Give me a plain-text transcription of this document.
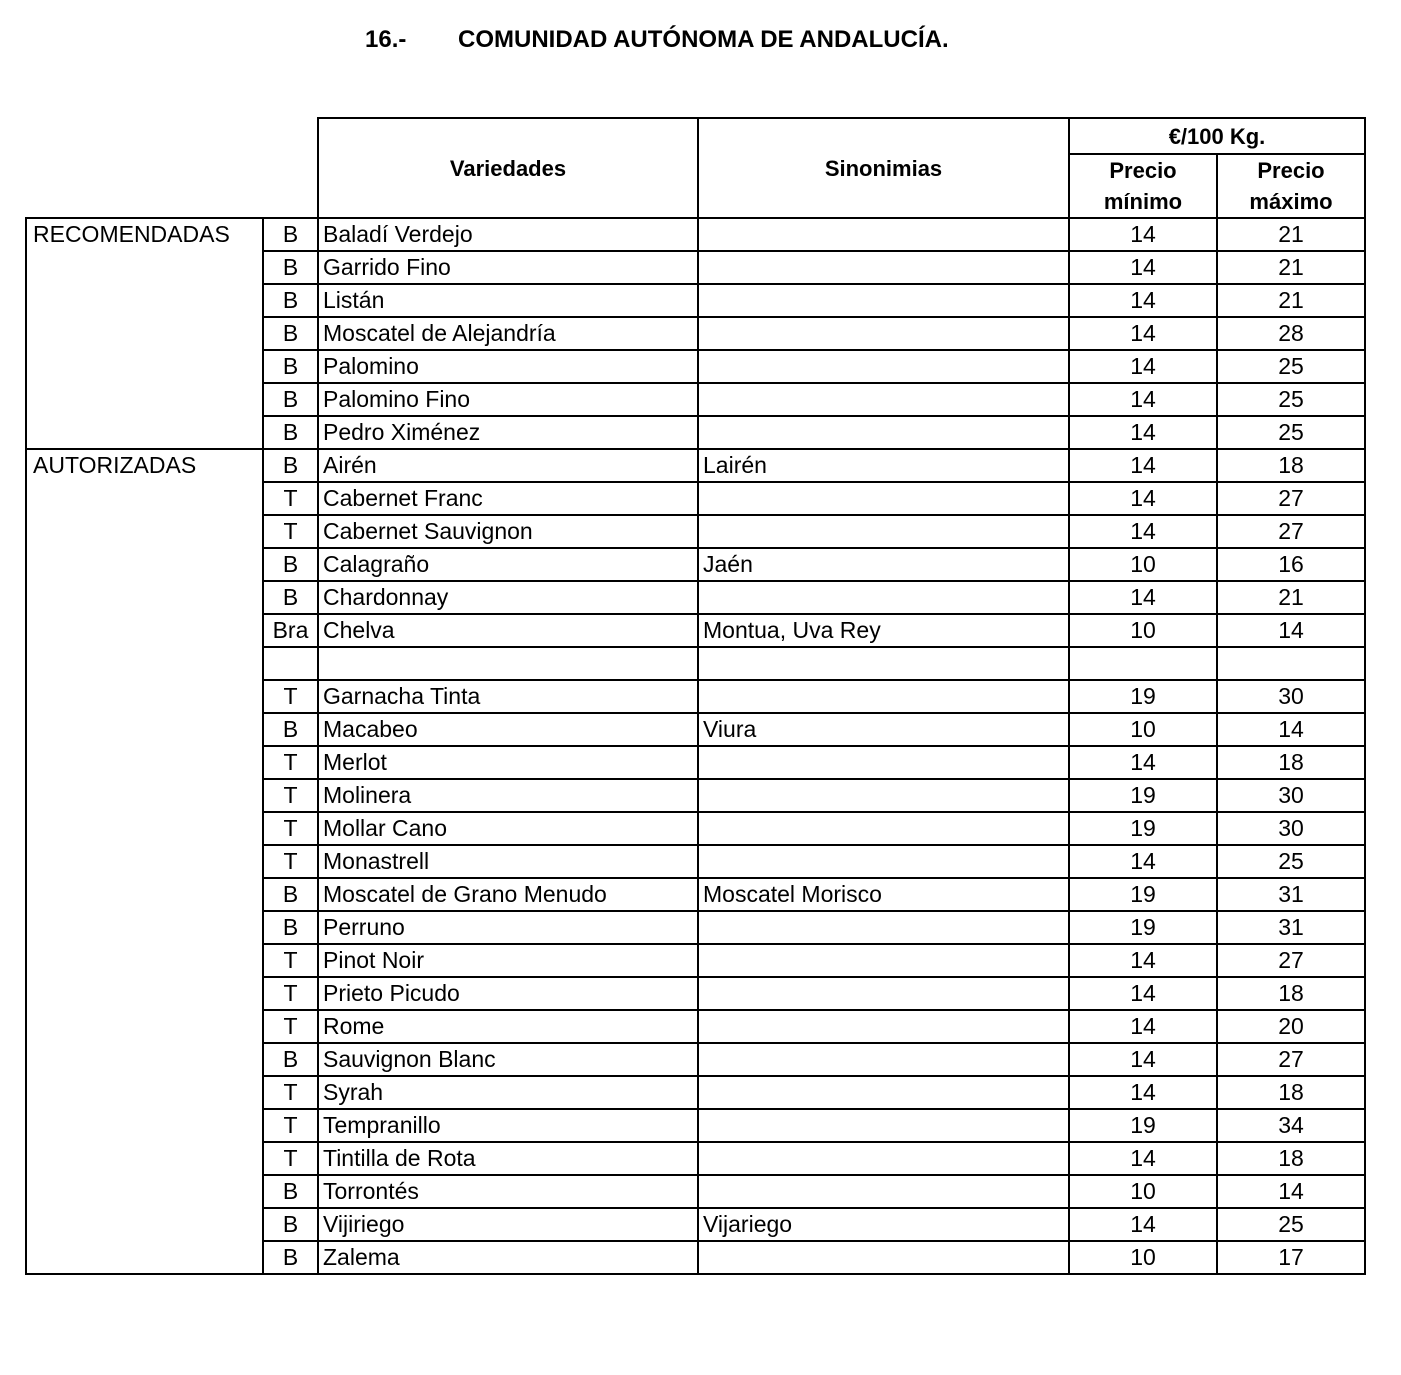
16.- COMUNIDAD AUTÓNOMA DE ANDALUCÍA.
		Variedades	Sinonimias	€/100 Kg.	
				Precio mínimo	Precio máximo
RECOMENDADAS	B	Baladí Verdejo		14	21
	B	Garrido Fino		14	21
	B	Listán		14	21
	B	Moscatel de Alejandría		14	28
	B	Palomino		14	25
	B	Palomino Fino		14	25
	B	Pedro Ximénez		14	25
AUTORIZADAS	B	Airén	Lairén	14	18
	T	Cabernet Franc		14	27
	T	Cabernet Sauvignon		14	27
	B	Calagraño	Jaén	10	16
	B	Chardonnay		14	21
	Bra	Chelva	Montua, Uva Rey	10	14

	T	Garnacha Tinta		19	30
	B	Macabeo	Viura	10	14
	T	Merlot		14	18
	T	Molinera		19	30
	T	Mollar Cano		19	30
	T	Monastrell		14	25
	B	Moscatel de Grano Menudo	Moscatel Morisco	19	31
	B	Perruno		19	31
	T	Pinot Noir		14	27
	T	Prieto Picudo		14	18
	T	Rome		14	20
	B	Sauvignon Blanc		14	27
	T	Syrah		14	18
	T	Tempranillo		19	34
	T	Tintilla de Rota		14	18
	B	Torrontés		10	14
	B	Vijiriego	Vijariego	14	25
	B	Zalema		10	17
